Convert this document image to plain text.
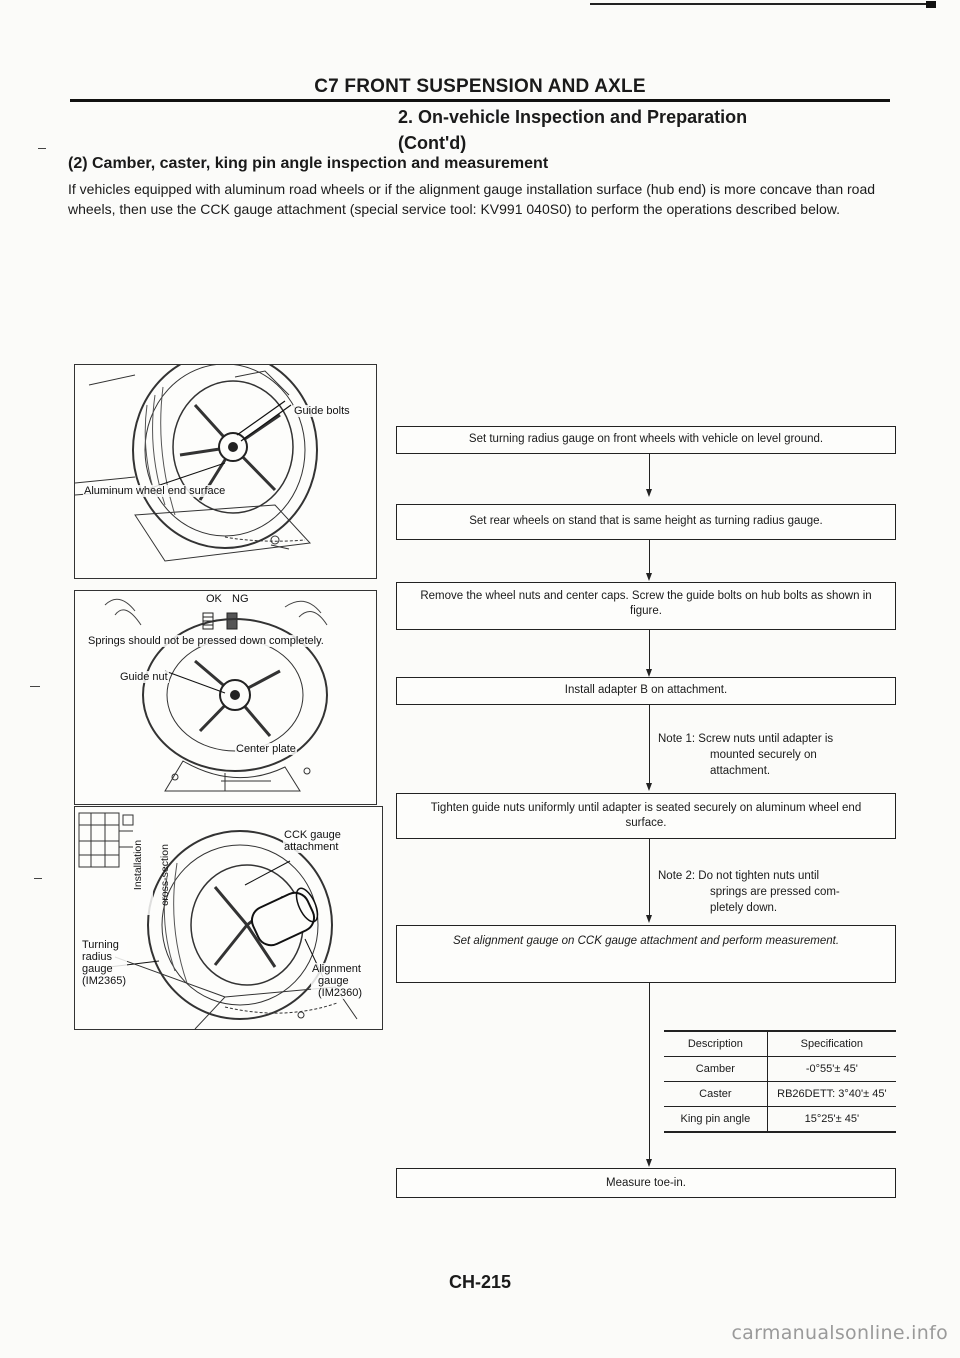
C7 FRONT SUSPENSION AND AXLE
2. On-vehicle Inspection and Preparation
(Cont'd)
(2) Camber, caster, king pin angle inspection and measurement
If vehicles equipped with aluminum road wheels or if the alignment gauge installation surface (hub end) is more concave than road wheels, then use the CCK gauge attachment (special service tool: KV991 040S0) to perform the operations described below.
Guide bolts
Aluminum wheel end surface
OK NG
Springs should not be pressed down completely.
Guide nut
Center plate
Installation cross-section
CCK gauge
attachment
Turning
radius
gauge
(IM2365)
Alignment
gauge
(IM2360)
Set turning radius gauge on front wheels with vehicle on level ground.
Set rear wheels on stand that is same height as turning radius gauge.
Remove the wheel nuts and center caps. Screw the guide bolts on hub bolts as shown in figure.
Install adapter B on attachment.
Note 1: Screw nuts until adapter is
mounted securely on
attachment.
Tighten guide nuts uniformly until adapter is seated securely on aluminum wheel end surface.
Note 2: Do not tighten nuts until
springs are pressed com-
pletely down.
Set alignment gauge on CCK gauge attachment and perform measurement.
Description	Specification
Camber	-0°55'± 45'
Caster	RB26DETT: 3°40'± 45'
King pin angle	15°25'± 45'
Measure toe-in.
CH-215
carmanualsonline.info
